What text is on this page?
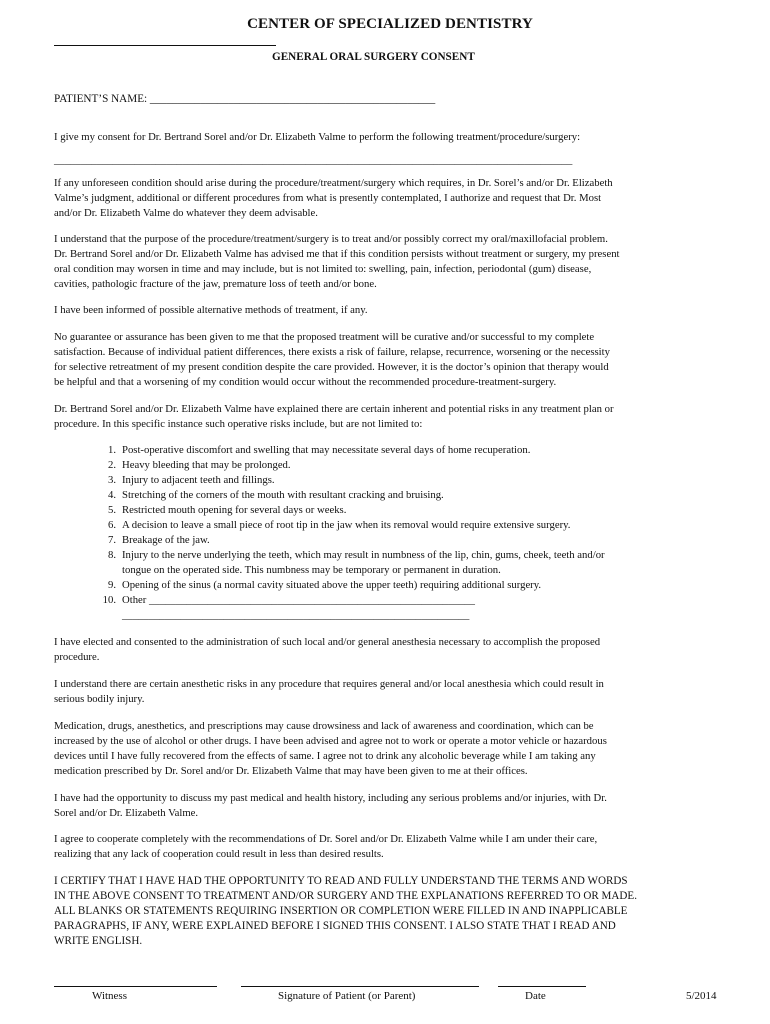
CENTER OF SPECIALIZED DENTISTRY
GENERAL ORAL SURGERY CONSENT
PATIENT’S NAME: ___________________________________________________
I give my consent for Dr. Bertrand Sorel and/or Dr. Elizabeth Valme to perform the following treatment/procedure/surgery:
_________________________________________________________________________________________________
If any unforeseen condition should arise during the procedure/treatment/surgery which requires, in Dr. Sorel’s and/or Dr. Elizabeth
Valme’s judgment, additional or different procedures from what is presently contemplated, I authorize and request that Dr. Most
and/or Dr. Elizabeth Valme do whatever they deem advisable.
I understand that the purpose of the procedure/treatment/surgery is to treat and/or possibly correct my oral/maxillofacial problem.
Dr. Bertrand Sorel and/or Dr. Elizabeth Valme has advised me that if this condition persists without treatment or surgery, my present
oral condition may worsen in time and may include, but is not limited to: swelling, pain, infection, periodontal (gum) disease,
cavities, pathologic fracture of the jaw, premature loss of teeth and/or bone.
I have been informed of possible alternative methods of treatment, if any.
No guarantee or assurance has been given to me that the proposed treatment will be curative and/or successful to my complete
satisfaction. Because of individual patient differences, there exists a risk of failure, relapse, recurrence, worsening or the necessity
for selective retreatment of my present condition despite the care provided. However, it is the doctor’s opinion that therapy would
be helpful and that a worsening of my condition would occur without the recommended procedure-treatment-surgery.
Dr. Bertrand Sorel and/or Dr. Elizabeth Valme have explained there are certain inherent and potential risks in any treatment plan or
procedure. In this specific instance such operative risks include, but are not limited to:
1. Post-operative discomfort and swelling that may necessitate several days of home recuperation.
2. Heavy bleeding that may be prolonged.
3. Injury to adjacent teeth and fillings.
4. Stretching of the corners of the mouth with resultant cracking and bruising.
5. Restricted mouth opening for several days or weeks.
6. A decision to leave a small piece of root tip in the jaw when its removal would require extensive surgery.
7. Breakage of the jaw.
8. Injury to the nerve underlying the teeth, which may result in numbness of the lip, chin, gums, cheek, teeth and/or
tongue on the operated side. This numbness may be temporary or permanent in duration.
9. Opening of the sinus (a normal cavity situated above the upper teeth) requiring additional surgery.
10. Other _____________________________________________________________
_________________________________________________________________
I have elected and consented to the administration of such local and/or general anesthesia necessary to accomplish the proposed
procedure.
I understand there are certain anesthetic risks in any procedure that requires general and/or local anesthesia which could result in
serious bodily injury.
Medication, drugs, anesthetics, and prescriptions may cause drowsiness and lack of awareness and coordination, which can be
increased by the use of alcohol or other drugs. I have been advised and agree not to work or operate a motor vehicle or hazardous
devices until I have fully recovered from the effects of same. I agree not to drink any alcoholic beverage while I am taking any
medication prescribed by Dr. Sorel and/or Dr. Elizabeth Valme that may have been given to me at their offices.
I have had the opportunity to discuss my past medical and health history, including any serious problems and/or injuries, with Dr.
Sorel and/or Dr. Elizabeth Valme.
I agree to cooperate completely with the recommendations of Dr. Sorel and/or Dr. Elizabeth Valme while I am under their care,
realizing that any lack of cooperation could result in less than desired results.
I CERTIFY THAT I HAVE HAD THE OPPORTUNITY TO READ AND FULLY UNDERSTAND THE TERMS AND WORDS
IN THE ABOVE CONSENT TO TREATMENT AND/OR SURGERY AND THE EXPLANATIONS REFERRED TO OR MADE.
ALL BLANKS OR STATEMENTS REQUIRING INSERTION OR COMPLETION WERE FILLED IN AND INAPPLICABLE
PARAGRAPHS, IF ANY, WERE EXPLAINED BEFORE I SIGNED THIS CONSENT. I ALSO STATE THAT I READ AND
WRITE ENGLISH.
Witness	Signature of Patient (or Parent)	Date	5/2014
